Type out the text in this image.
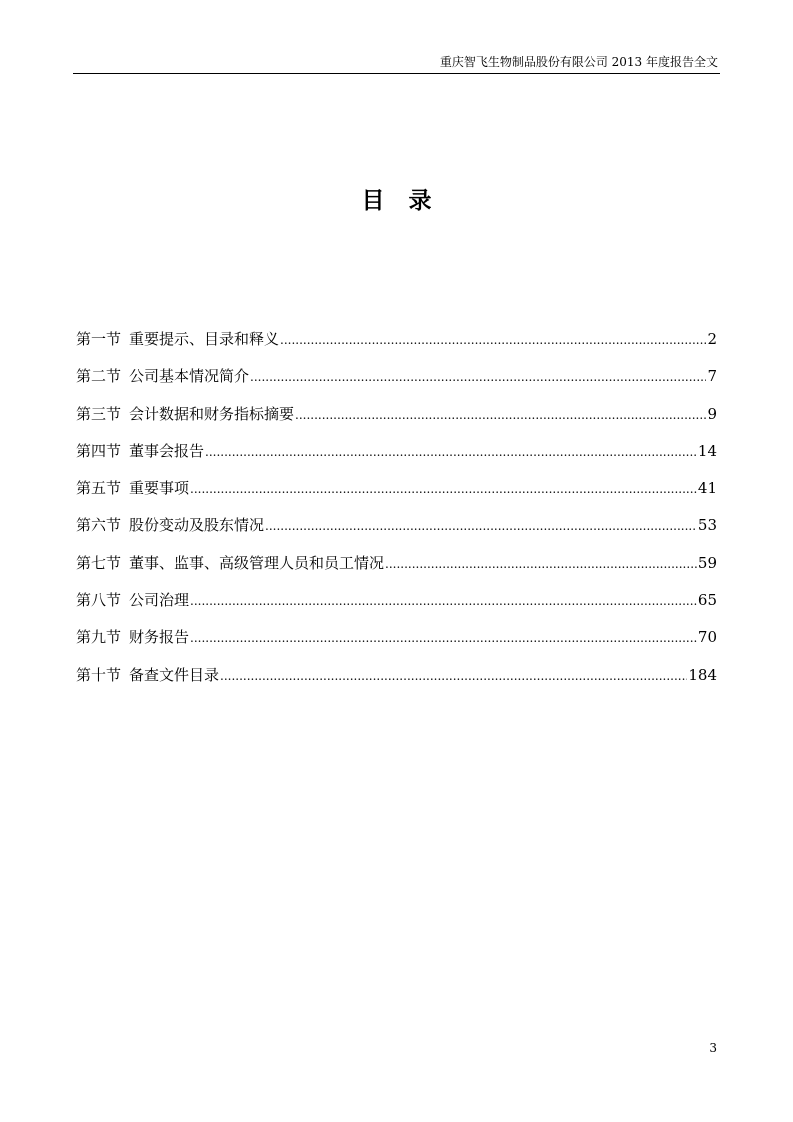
重庆智飞生物制品股份有限公司 2013 年度报告全文
目   录
第一节 重要提示、目录和释义 .....	2
第二节 公司基本情况简介 .....	7
第三节 会计数据和财务指标摘要 .....	9
第四节 董事会报告 .....	14
第五节 重要事项 .....	41
第六节 股份变动及股东情况 .....	53
第七节 董事、监事、高级管理人员和员工情况 .....	59
第八节 公司治理 .....	65
第九节 财务报告 .....	70
第十节 备查文件目录 .....	184
3
